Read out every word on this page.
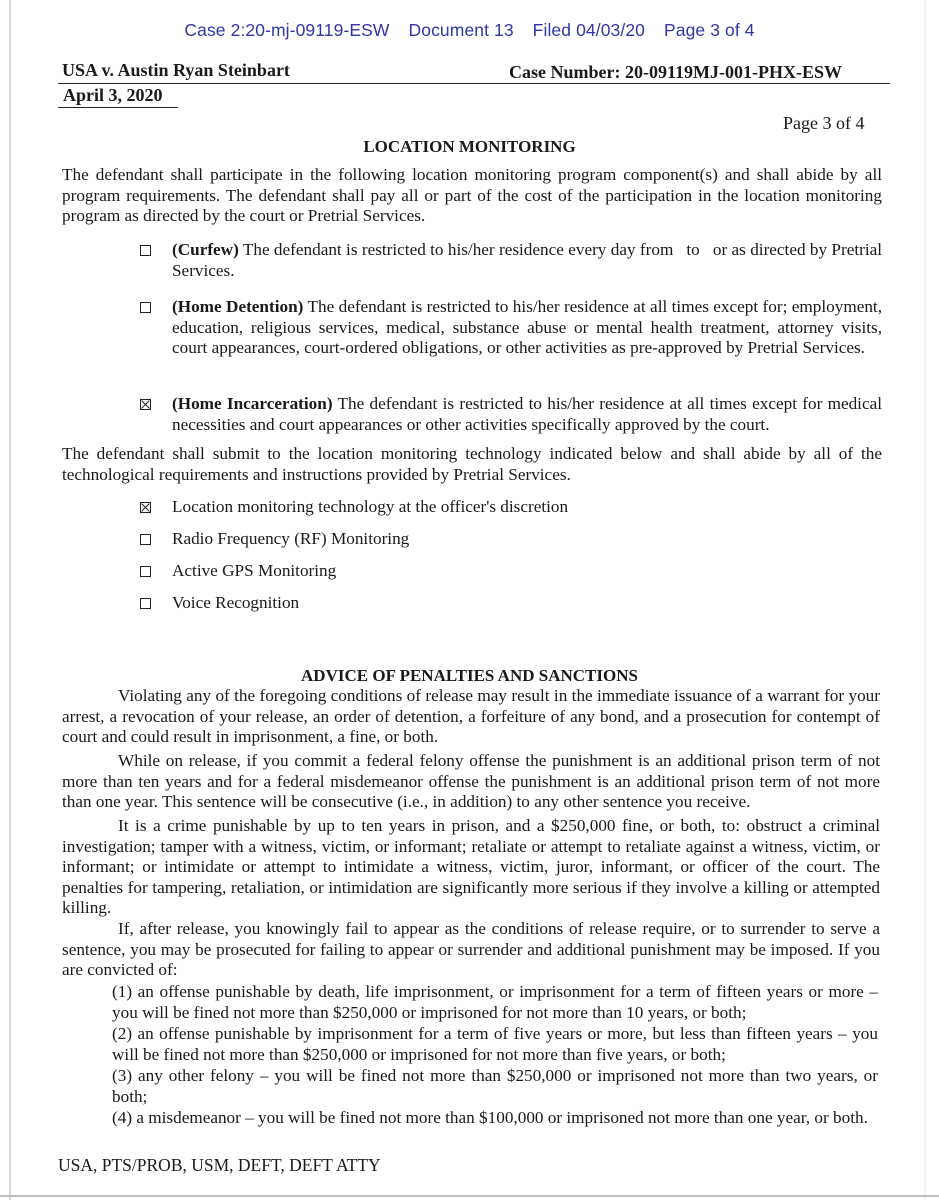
Case 2:20-mj-09119-ESW Document 13 Filed 04/03/20 Page 3 of 4
USA v. Austin Ryan Steinbart	Case Number: 20-09119MJ-001-PHX-ESW
April 3, 2020
Page 3 of 4
LOCATION MONITORING
The defendant shall participate in the following location monitoring program component(s) and shall abide by all program requirements. The defendant shall pay all or part of the cost of the participation in the location monitoring program as directed by the court or Pretrial Services.
(Curfew) The defendant is restricted to his/her residence every day from to or as directed by Pretrial Services.
(Home Detention) The defendant is restricted to his/her residence at all times except for; employment, education, religious services, medical, substance abuse or mental health treatment, attorney visits, court appearances, court-ordered obligations, or other activities as pre-approved by Pretrial Services.
(Home Incarceration) The defendant is restricted to his/her residence at all times except for medical necessities and court appearances or other activities specifically approved by the court.
The defendant shall submit to the location monitoring technology indicated below and shall abide by all of the technological requirements and instructions provided by Pretrial Services.
Location monitoring technology at the officer's discretion
Radio Frequency (RF) Monitoring
Active GPS Monitoring
Voice Recognition
ADVICE OF PENALTIES AND SANCTIONS
Violating any of the foregoing conditions of release may result in the immediate issuance of a warrant for your arrest, a revocation of your release, an order of detention, a forfeiture of any bond, and a prosecution for contempt of court and could result in imprisonment, a fine, or both.
While on release, if you commit a federal felony offense the punishment is an additional prison term of not more than ten years and for a federal misdemeanor offense the punishment is an additional prison term of not more than one year. This sentence will be consecutive (i.e., in addition) to any other sentence you receive.
It is a crime punishable by up to ten years in prison, and a $250,000 fine, or both, to: obstruct a criminal investigation; tamper with a witness, victim, or informant; retaliate or attempt to retaliate against a witness, victim, or informant; or intimidate or attempt to intimidate a witness, victim, juror, informant, or officer of the court. The penalties for tampering, retaliation, or intimidation are significantly more serious if they involve a killing or attempted killing.
If, after release, you knowingly fail to appear as the conditions of release require, or to surrender to serve a sentence, you may be prosecuted for failing to appear or surrender and additional punishment may be imposed. If you are convicted of:
(1) an offense punishable by death, life imprisonment, or imprisonment for a term of fifteen years or more – you will be fined not more than $250,000 or imprisoned for not more than 10 years, or both;
(2) an offense punishable by imprisonment for a term of five years or more, but less than fifteen years – you will be fined not more than $250,000 or imprisoned for not more than five years, or both;
(3) any other felony – you will be fined not more than $250,000 or imprisoned not more than two years, or both;
(4) a misdemeanor – you will be fined not more than $100,000 or imprisoned not more than one year, or both.
USA, PTS/PROB, USM, DEFT, DEFT ATTY
